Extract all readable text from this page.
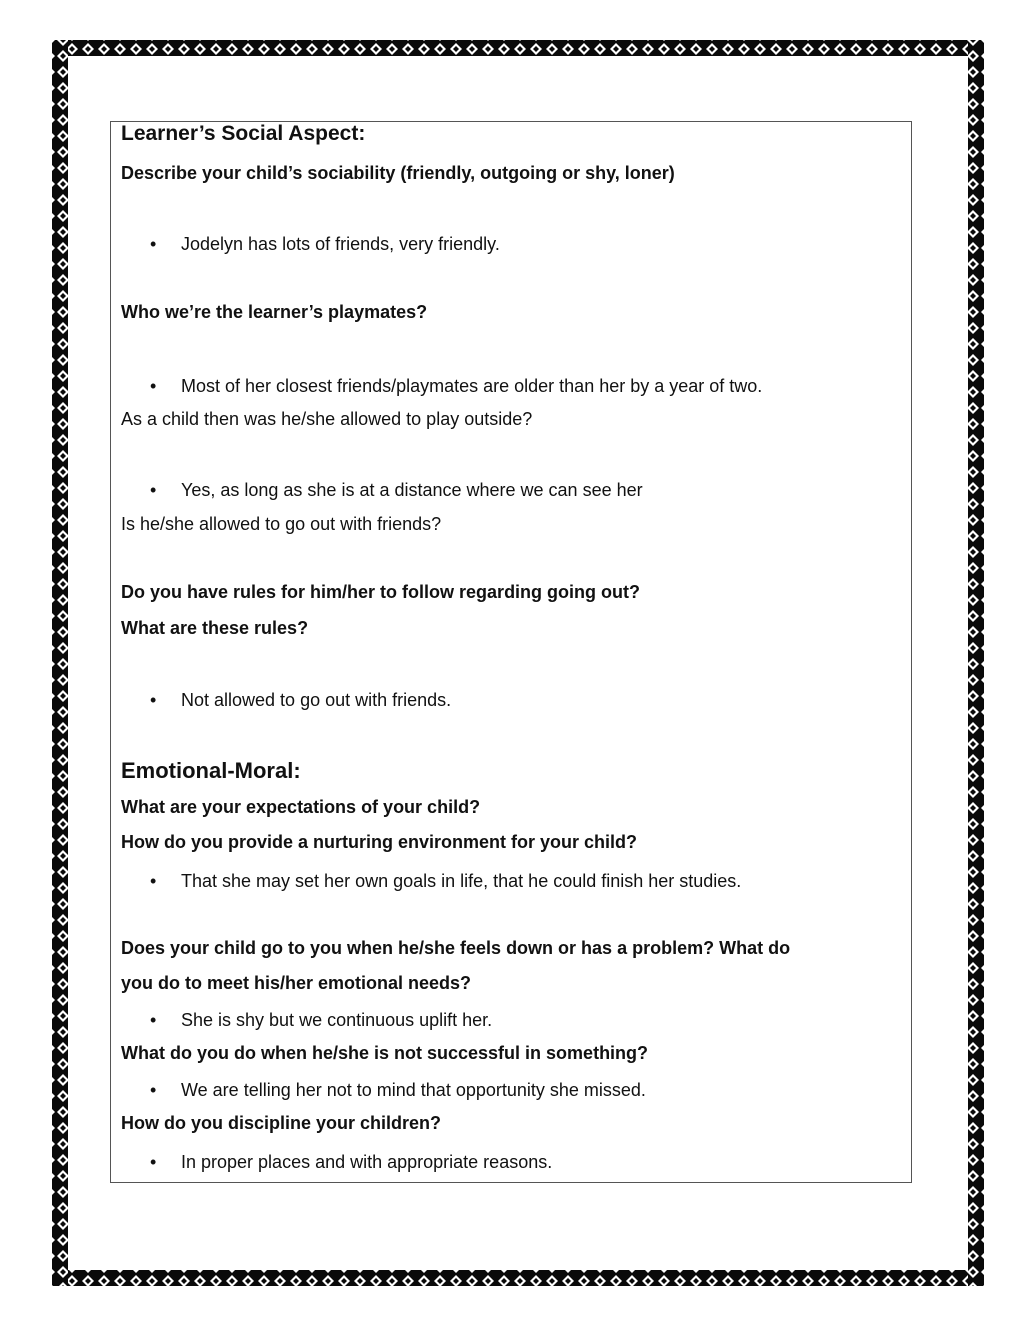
Learner’s Social Aspect:
Describe your child’s sociability (friendly, outgoing or shy, loner)
• Jodelyn has lots of friends, very friendly.
Who we’re the learner’s playmates?
• Most of her closest friends/playmates are older than her by a year of two.
As a child then was he/she allowed to play outside?
• Yes, as long as she is at a distance where we can see her
Is he/she allowed to go out with friends?
Do you have rules for him/her to follow regarding going out?
What are these rules?
• Not allowed to go out with friends.
Emotional-Moral:
What are your expectations of your child?
How do you provide a nurturing environment for your child?
• That she may set her own goals in life, that he could finish her studies.
Does your child go to you when he/she feels down or has a problem? What do
you do to meet his/her emotional needs?
• She is shy but we continuous uplift her.
What do you do when he/she is not successful in something?
• We are telling her not to mind that opportunity she missed.
How do you discipline your children?
• In proper places and with appropriate reasons.
